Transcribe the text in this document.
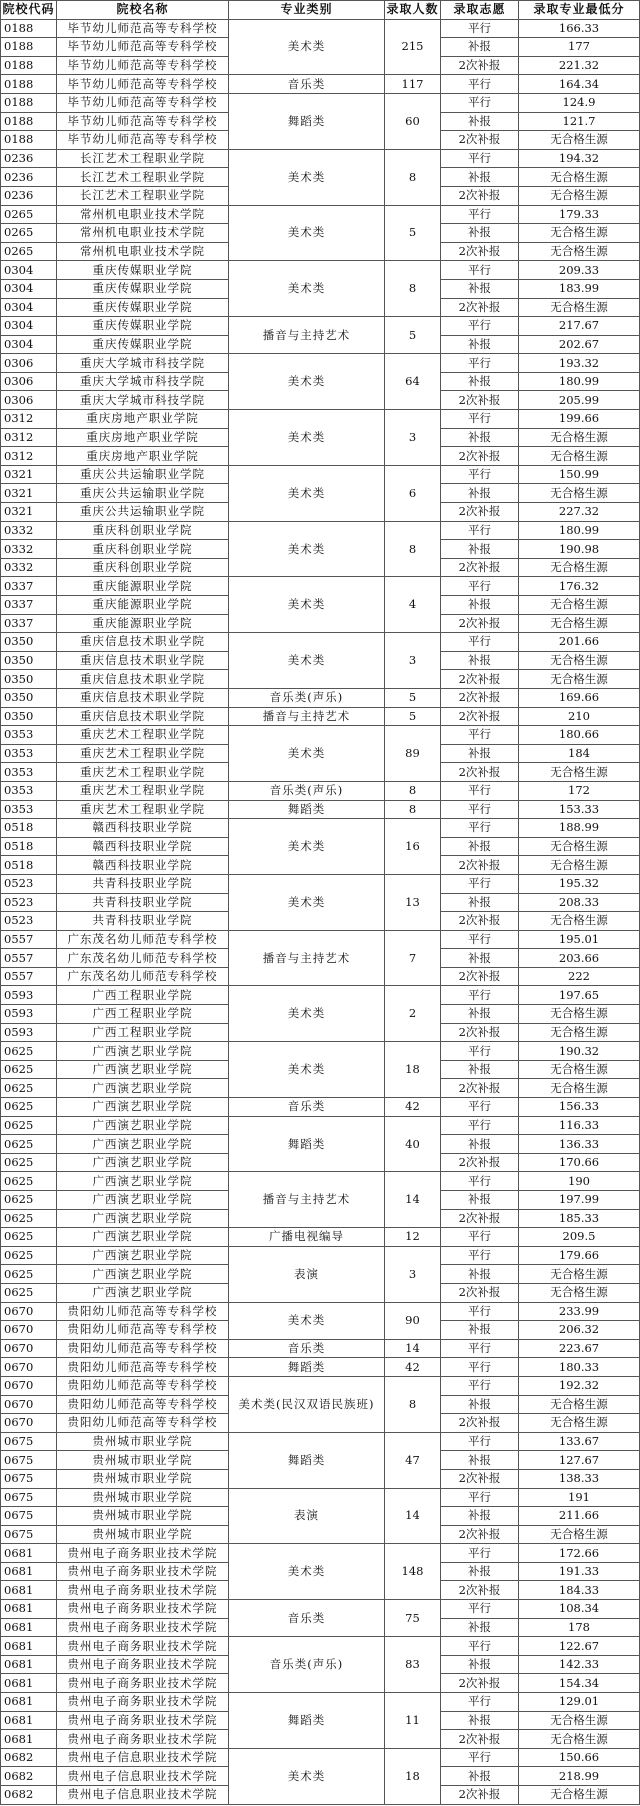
院校代码	院校名称	专业类别	录取人数	录取志愿	录取专业最低分
0188	毕节幼儿师范高等专科学校	美术类	215	平行	166.33
0188	毕节幼儿师范高等专科学校			补报	177
0188	毕节幼儿师范高等专科学校			2次补报	221.32
0188	毕节幼儿师范高等专科学校	音乐类	117	平行	164.34
0188	毕节幼儿师范高等专科学校	舞蹈类	60	平行	124.9
0188	毕节幼儿师范高等专科学校			补报	121.7
0188	毕节幼儿师范高等专科学校			2次补报	无合格生源
0236	长江艺术工程职业学院	美术类	8	平行	194.32
0236	长江艺术工程职业学院			补报	无合格生源
0236	长江艺术工程职业学院			2次补报	无合格生源
0265	常州机电职业技术学院	美术类	5	平行	179.33
0265	常州机电职业技术学院			补报	无合格生源
0265	常州机电职业技术学院			2次补报	无合格生源
0304	重庆传媒职业学院	美术类	8	平行	209.33
0304	重庆传媒职业学院			补报	183.99
0304	重庆传媒职业学院			2次补报	无合格生源
0304	重庆传媒职业学院	播音与主持艺术	5	平行	217.67
0304	重庆传媒职业学院			补报	202.67
0306	重庆大学城市科技学院	美术类	64	平行	193.32
0306	重庆大学城市科技学院			补报	180.99
0306	重庆大学城市科技学院			2次补报	205.99
0312	重庆房地产职业学院	美术类	3	平行	199.66
0312	重庆房地产职业学院			补报	无合格生源
0312	重庆房地产职业学院			2次补报	无合格生源
0321	重庆公共运输职业学院	美术类	6	平行	150.99
0321	重庆公共运输职业学院			补报	无合格生源
0321	重庆公共运输职业学院			2次补报	227.32
0332	重庆科创职业学院	美术类	8	平行	180.99
0332	重庆科创职业学院			补报	190.98
0332	重庆科创职业学院			2次补报	无合格生源
0337	重庆能源职业学院	美术类	4	平行	176.32
0337	重庆能源职业学院			补报	无合格生源
0337	重庆能源职业学院			2次补报	无合格生源
0350	重庆信息技术职业学院	美术类	3	平行	201.66
0350	重庆信息技术职业学院			补报	无合格生源
0350	重庆信息技术职业学院			2次补报	无合格生源
0350	重庆信息技术职业学院	音乐类(声乐)	5	2次补报	169.66
0350	重庆信息技术职业学院	播音与主持艺术	5	2次补报	210
0353	重庆艺术工程职业学院	美术类	89	平行	180.66
0353	重庆艺术工程职业学院			补报	184
0353	重庆艺术工程职业学院			2次补报	无合格生源
0353	重庆艺术工程职业学院	音乐类(声乐)	8	平行	172
0353	重庆艺术工程职业学院	舞蹈类	8	平行	153.33
0518	赣西科技职业学院	美术类	16	平行	188.99
0518	赣西科技职业学院			补报	无合格生源
0518	赣西科技职业学院			2次补报	无合格生源
0523	共青科技职业学院	美术类	13	平行	195.32
0523	共青科技职业学院			补报	208.33
0523	共青科技职业学院			2次补报	无合格生源
0557	广东茂名幼儿师范专科学校	播音与主持艺术	7	平行	195.01
0557	广东茂名幼儿师范专科学校			补报	203.66
0557	广东茂名幼儿师范专科学校			2次补报	222
0593	广西工程职业学院	美术类	2	平行	197.65
0593	广西工程职业学院			补报	无合格生源
0593	广西工程职业学院			2次补报	无合格生源
0625	广西演艺职业学院	美术类	18	平行	190.32
0625	广西演艺职业学院			补报	无合格生源
0625	广西演艺职业学院			2次补报	无合格生源
0625	广西演艺职业学院	音乐类	42	平行	156.33
0625	广西演艺职业学院	舞蹈类	40	平行	116.33
0625	广西演艺职业学院			补报	136.33
0625	广西演艺职业学院			2次补报	170.66
0625	广西演艺职业学院	播音与主持艺术	14	平行	190
0625	广西演艺职业学院			补报	197.99
0625	广西演艺职业学院			2次补报	185.33
0625	广西演艺职业学院	广播电视编导	12	平行	209.5
0625	广西演艺职业学院	表演	3	平行	179.66
0625	广西演艺职业学院			补报	无合格生源
0625	广西演艺职业学院			2次补报	无合格生源
0670	贵阳幼儿师范高等专科学校	美术类	90	平行	233.99
0670	贵阳幼儿师范高等专科学校			补报	206.32
0670	贵阳幼儿师范高等专科学校	音乐类	14	平行	223.67
0670	贵阳幼儿师范高等专科学校	舞蹈类	42	平行	180.33
0670	贵阳幼儿师范高等专科学校	美术类(民汉双语民族班)	8	平行	192.32
0670	贵阳幼儿师范高等专科学校			补报	无合格生源
0670	贵阳幼儿师范高等专科学校			2次补报	无合格生源
0675	贵州城市职业学院	舞蹈类	47	平行	133.67
0675	贵州城市职业学院			补报	127.67
0675	贵州城市职业学院			2次补报	138.33
0675	贵州城市职业学院	表演	14	平行	191
0675	贵州城市职业学院			补报	211.66
0675	贵州城市职业学院			2次补报	无合格生源
0681	贵州电子商务职业技术学院	美术类	148	平行	172.66
0681	贵州电子商务职业技术学院			补报	191.33
0681	贵州电子商务职业技术学院			2次补报	184.33
0681	贵州电子商务职业技术学院	音乐类	75	平行	108.34
0681	贵州电子商务职业技术学院			补报	178
0681	贵州电子商务职业技术学院	音乐类(声乐)	83	平行	122.67
0681	贵州电子商务职业技术学院			补报	142.33
0681	贵州电子商务职业技术学院			2次补报	154.34
0681	贵州电子商务职业技术学院	舞蹈类	11	平行	129.01
0681	贵州电子商务职业技术学院			补报	无合格生源
0681	贵州电子商务职业技术学院			2次补报	无合格生源
0682	贵州电子信息职业技术学院	美术类	18	平行	150.66
0682	贵州电子信息职业技术学院			补报	218.99
0682	贵州电子信息职业技术学院			2次补报	无合格生源
